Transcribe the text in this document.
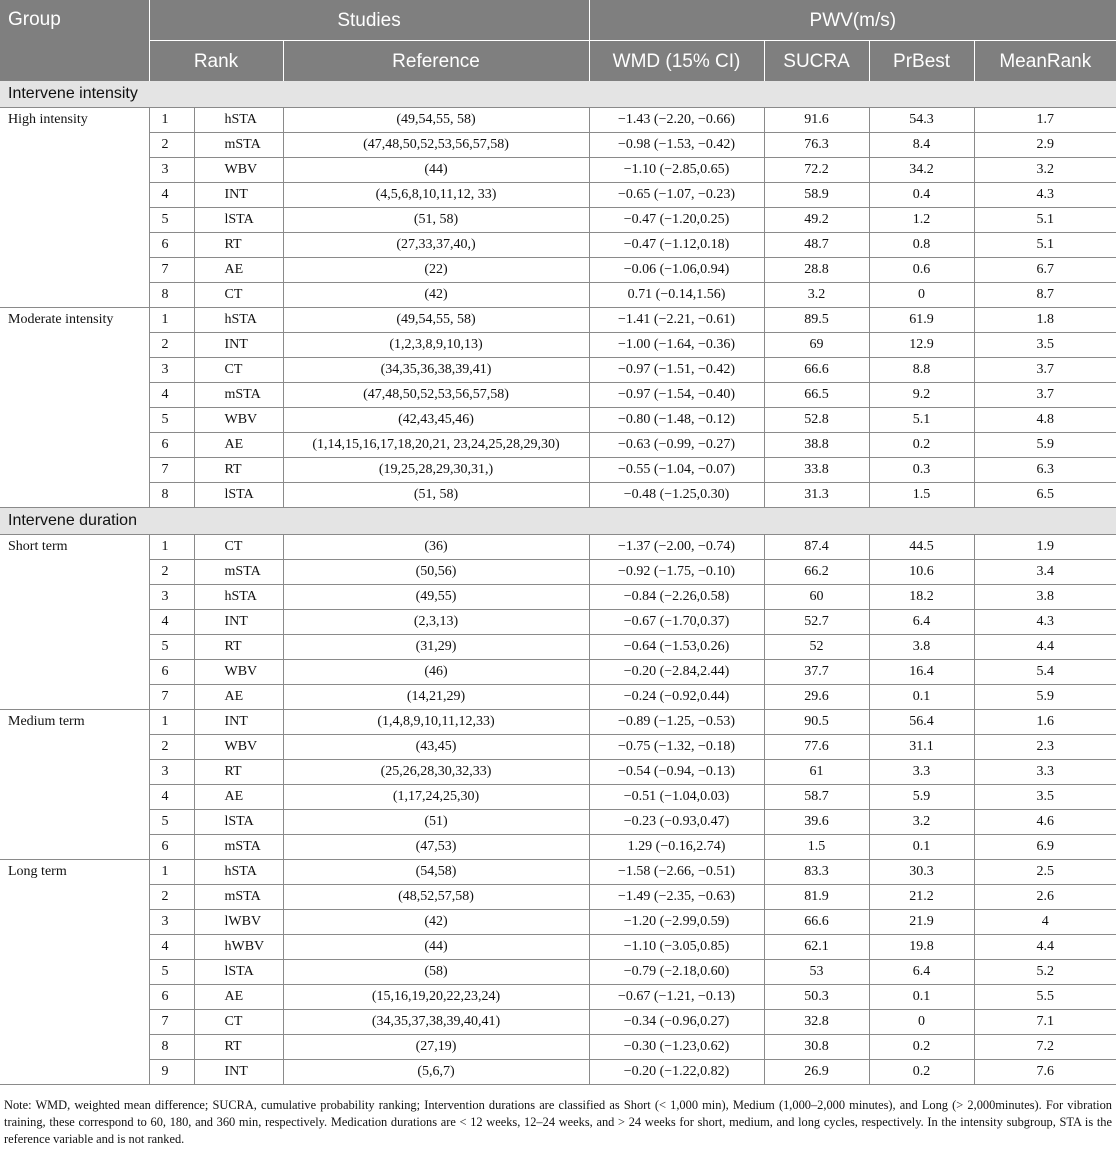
Group	Studies			PWV(m/s)			
	Rank		Reference	WMD (15% CI)	SUCRA	PrBest	MeanRank
Intervene intensity							
High intensity	1	hSTA	(49,54,55, 58)	−1.43 (−2.20, −0.66)	91.6	54.3	1.7
	2	mSTA	(47,48,50,52,53,56,57,58)	−0.98 (−1.53, −0.42)	76.3	8.4	2.9
	3	WBV	(44)	−1.10 (−2.85,0.65)	72.2	34.2	3.2
	4	INT	(4,5,6,8,10,11,12, 33)	−0.65 (−1.07, −0.23)	58.9	0.4	4.3
	5	lSTA	(51, 58)	−0.47 (−1.20,0.25)	49.2	1.2	5.1
	6	RT	(27,33,37,40,)	−0.47 (−1.12,0.18)	48.7	0.8	5.1
	7	AE	(22)	−0.06 (−1.06,0.94)	28.8	0.6	6.7
	8	CT	(42)	0.71 (−0.14,1.56)	3.2	0	8.7
Moderate intensity	1	hSTA	(49,54,55, 58)	−1.41 (−2.21, −0.61)	89.5	61.9	1.8
	2	INT	(1,2,3,8,9,10,13)	−1.00 (−1.64, −0.36)	69	12.9	3.5
	3	CT	(34,35,36,38,39,41)	−0.97 (−1.51, −0.42)	66.6	8.8	3.7
	4	mSTA	(47,48,50,52,53,56,57,58)	−0.97 (−1.54, −0.40)	66.5	9.2	3.7
	5	WBV	(42,43,45,46)	−0.80 (−1.48, −0.12)	52.8	5.1	4.8
	6	AE	(1,14,15,16,17,18,20,21, 23,24,25,28,29,30)	−0.63 (−0.99, −0.27)	38.8	0.2	5.9
	7	RT	(19,25,28,29,30,31,)	−0.55 (−1.04, −0.07)	33.8	0.3	6.3
	8	lSTA	(51, 58)	−0.48 (−1.25,0.30)	31.3	1.5	6.5
Intervene duration							
Short term	1	CT	(36)	−1.37 (−2.00, −0.74)	87.4	44.5	1.9
	2	mSTA	(50,56)	−0.92 (−1.75, −0.10)	66.2	10.6	3.4
	3	hSTA	(49,55)	−0.84 (−2.26,0.58)	60	18.2	3.8
	4	INT	(2,3,13)	−0.67 (−1.70,0.37)	52.7	6.4	4.3
	5	RT	(31,29)	−0.64 (−1.53,0.26)	52	3.8	4.4
	6	WBV	(46)	−0.20 (−2.84,2.44)	37.7	16.4	5.4
	7	AE	(14,21,29)	−0.24 (−0.92,0.44)	29.6	0.1	5.9
Medium term	1	INT	(1,4,8,9,10,11,12,33)	−0.89 (−1.25, −0.53)	90.5	56.4	1.6
	2	WBV	(43,45)	−0.75 (−1.32, −0.18)	77.6	31.1	2.3
	3	RT	(25,26,28,30,32,33)	−0.54 (−0.94, −0.13)	61	3.3	3.3
	4	AE	(1,17,24,25,30)	−0.51 (−1.04,0.03)	58.7	5.9	3.5
	5	lSTA	(51)	−0.23 (−0.93,0.47)	39.6	3.2	4.6
	6	mSTA	(47,53)	1.29 (−0.16,2.74)	1.5	0.1	6.9
Long term	1	hSTA	(54,58)	−1.58 (−2.66, −0.51)	83.3	30.3	2.5
	2	mSTA	(48,52,57,58)	−1.49 (−2.35, −0.63)	81.9	21.2	2.6
	3	lWBV	(42)	−1.20 (−2.99,0.59)	66.6	21.9	4
	4	hWBV	(44)	−1.10 (−3.05,0.85)	62.1	19.8	4.4
	5	lSTA	(58)	−0.79 (−2.18,0.60)	53	6.4	5.2
	6	AE	(15,16,19,20,22,23,24)	−0.67 (−1.21, −0.13)	50.3	0.1	5.5
	7	CT	(34,35,37,38,39,40,41)	−0.34 (−0.96,0.27)	32.8	0	7.1
	8	RT	(27,19)	−0.30 (−1.23,0.62)	30.8	0.2	7.2
	9	INT	(5,6,7)	−0.20 (−1.22,0.82)	26.9	0.2	7.6
Note: WMD, weighted mean difference; SUCRA, cumulative probability ranking; Intervention durations are classified as Short (< 1,000 min), Medium (1,000–2,000 minutes), and Long (> 2,000minutes). For vibration training, these correspond to 60, 180, and 360 min, respectively. Medication durations are < 12 weeks, 12–24 weeks, and > 24 weeks for short, medium, and long cycles, respectively. In the intensity subgroup, STA is the reference variable and is not ranked.
